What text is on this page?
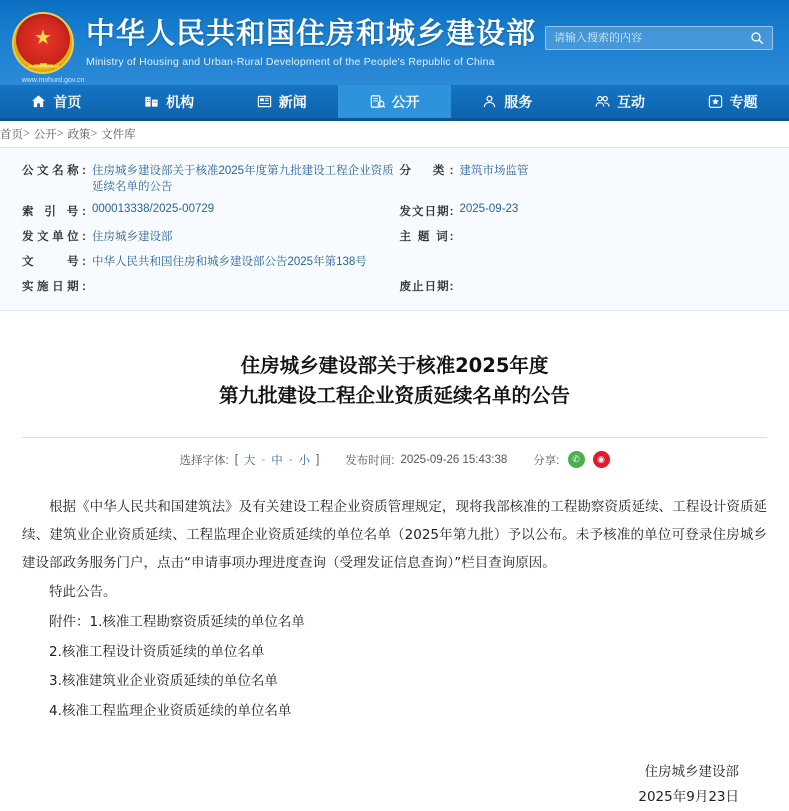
★
▁▂▃▂▁
www.mohurd.gov.cn
中华人民共和国住房和城乡建设部
Ministry of Housing and Urban-Rural Development of the People's Republic of China
请输入搜索的内容
首页	机构	新闻	公开	服务	互动	专题
首页 > 公开 > 政策 > 文件库
公文名称: 住房城乡建设部关于核准2025年度第九批建设工程企业资质延续名单的公告
分　类: 建筑市场监管
索 引 号: 000013338/2025-00729	发文日期: 2025-09-23
发文单位: 住房城乡建设部	主 题 词:
文　　号: 中华人民共和国住房和城乡建设部公告2025年第138号
实施日期:	废止日期:
住房城乡建设部关于核准2025年度
第九批建设工程企业资质延续名单的公告
选择字体: [ 大 - 中 - 小 ] 发布时间: 2025-09-26 15:43:38 分享:	✆	◉

根据《中华人民共和国建筑法》及有关建设工程企业资质管理规定，现将我部核准的工程勘察资质延续、工程设计资质延续、建筑业企业资质延续、工程监理企业资质延续的单位名单（2025年第九批）予以公布。未予核准的单位可登录住房城乡建设部政务服务门户，点击“申请事项办理进度查询（受理发证信息查询）”栏目查询原因。

特此公告。

附件：1.核准工程勘察资质延续的单位名单

2.核准工程设计资质延续的单位名单

3.核准建筑业企业资质延续的单位名单

4.核准工程监理企业资质延续的单位名单

住房城乡建设部
2025年9月23日
